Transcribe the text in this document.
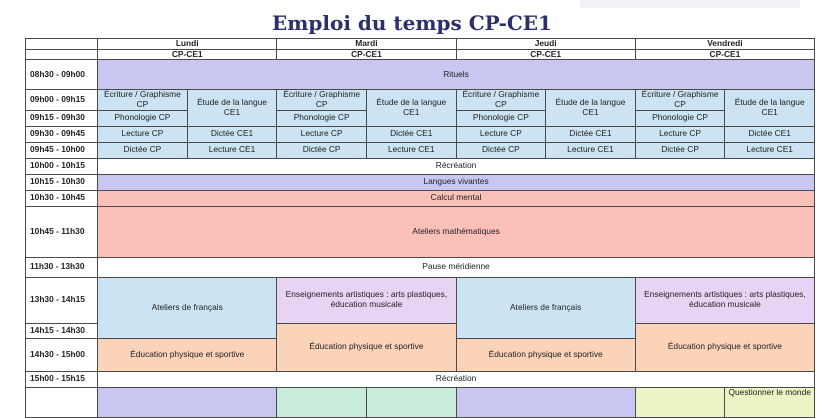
Emploi du temps CP-CE1
	Lundi		Mardi		Jeudi		Vendredi	
	CP-CE1		CP-CE1		CP-CE1		CP-CE1	
08h30 - 09h00	Rituels							
09h00 - 09h15	Écriture / Graphisme CP	Étude de la langue CE1	Écriture / Graphisme CP	Étude de la langue CE1	Écriture / Graphisme CP	Étude de la langue CE1	Écriture / Graphisme CP	Étude de la langue CE1
09h15 - 09h30	Phonologie CP		Phonologie CP		Phonologie CP		Phonologie CP	
09h30 - 09h45	Lecture CP	Dictée CE1	Lecture CP	Dictée CE1	Lecture CP	Dictée CE1	Lecture CP	Dictée CE1
09h45 - 10h00	Dictée CP	Lecture CE1	Dictée CP	Lecture CE1	Dictée CP	Lecture CE1	Dictée CP	Lecture CE1
10h00 - 10h15	Récréation							
10h15 - 10h30	Langues vivantes							
10h30 - 10h45	Calcul mental							
10h45 - 11h30	Ateliers mathématiques							
11h30 - 13h30	Pause méridienne							
13h30 - 14h15	Ateliers de français		Enseignements artistiques : arts plastiques, éducation musicale		Ateliers de français		Enseignements artistiques : arts plastiques, éducation musicale	
14h15 - 14h30			Éducation physique et sportive				Éducation physique et sportive	
14h30 - 15h00	Éducation physique et sportive				Éducation physique et sportive			
15h00 - 15h15	Récréation							
								Questionner le monde
